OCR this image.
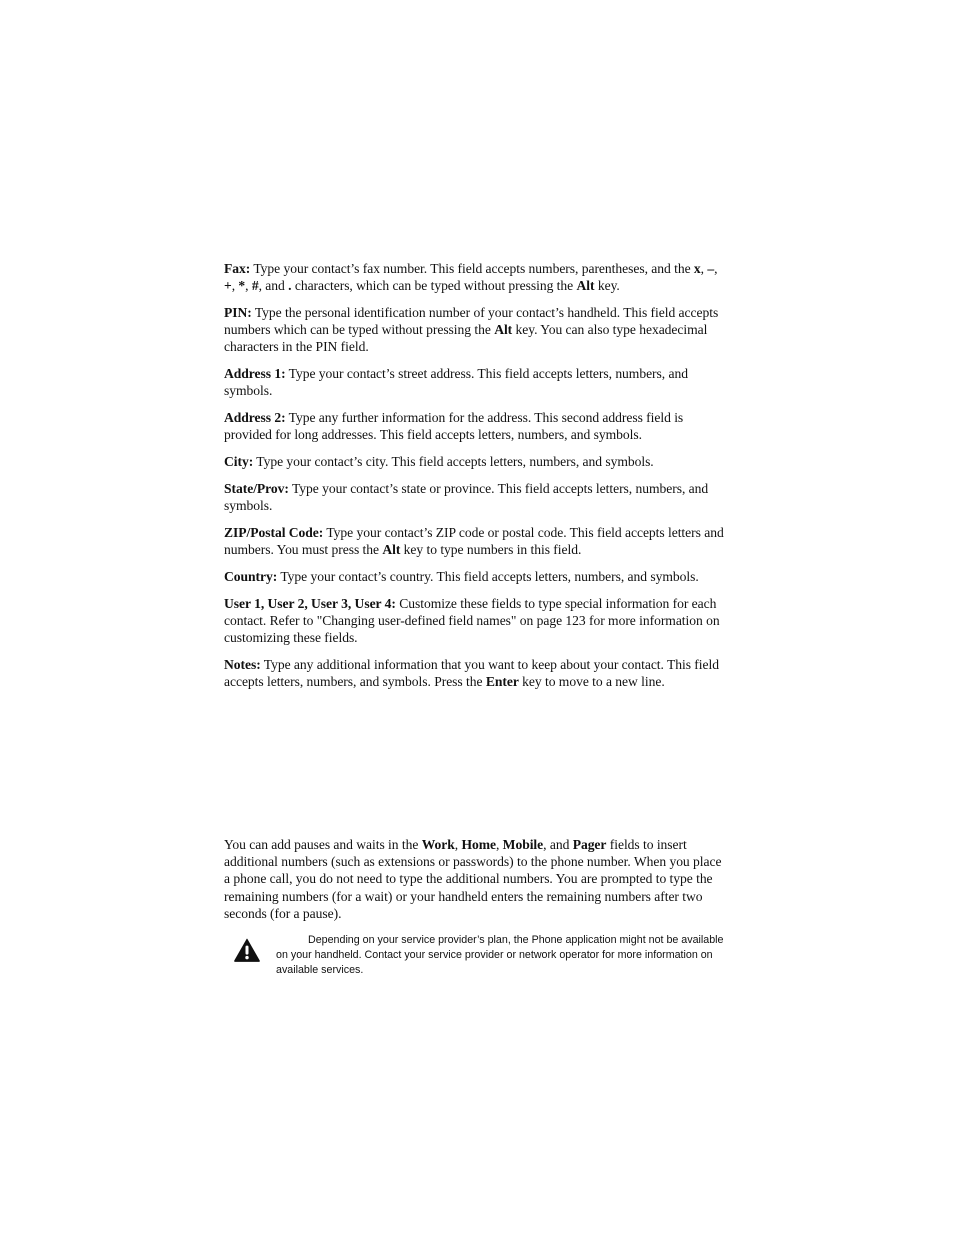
Fax: Type your contact’s fax number. This field accepts numbers, parentheses, and the x, –, +, *, #, and . characters, which can be typed without pressing the Alt key.

PIN: Type the personal identification number of your contact’s handheld. This field accepts numbers which can be typed without pressing the Alt key. You can also type hexadecimal characters in the PIN field.

Address 1: Type your contact’s street address. This field accepts letters, numbers, and symbols.

Address 2: Type any further information for the address. This second address field is provided for long addresses. This field accepts letters, numbers, and symbols.

City: Type your contact’s city. This field accepts letters, numbers, and symbols.

State/Prov: Type your contact’s state or province. This field accepts letters, numbers, and symbols.

ZIP/Postal Code: Type your contact’s ZIP code or postal code. This field accepts letters and numbers. You must press the Alt key to type numbers in this field.

Country: Type your contact’s country. This field accepts letters, numbers, and symbols.

User 1, User 2, User 3, User 4: Customize these fields to type special information for each contact. Refer to "Changing user-defined field names" on page 123 for more information on customizing these fields.

Notes: Type any additional information that you want to keep about your contact. This field accepts letters, numbers, and symbols. Press the Enter key to move to a new line.

You can add pauses and waits in the Work, Home, Mobile, and Pager fields to insert additional numbers (such as extensions or passwords) to the phone number. When you place a phone call, you do not need to type the additional numbers. You are prompted to type the remaining numbers (for a wait) or your handheld enters the remaining numbers after two seconds (for a pause).

Depending on your service provider’s plan, the Phone application might not be available on your handheld. Contact your service provider or network operator for more information on available services.
